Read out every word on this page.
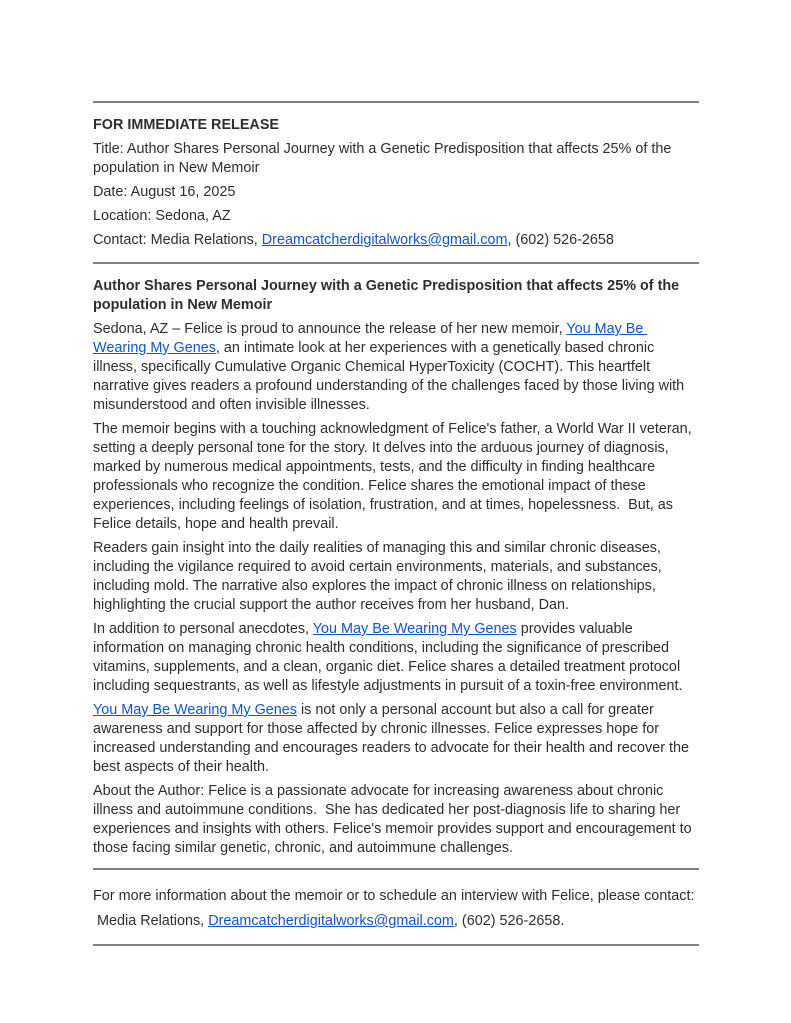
FOR IMMEDIATE RELEASE

Title: Author Shares Personal Journey with a Genetic Predisposition that affects 25% of the population in New Memoir

Date: August 16, 2025

Location: Sedona, AZ

Contact: Media Relations, Dreamcatcherdigitalworks@gmail.com, (602) 526-2658

Author Shares Personal Journey with a Genetic Predisposition that affects 25% of the population in New Memoir

Sedona, AZ – Felice is proud to announce the release of her new memoir, You May Be Wearing My Genes, an intimate look at her experiences with a genetically based chronic illness, specifically Cumulative Organic Chemical HyperToxicity (COCHT). This heartfelt narrative gives readers a profound understanding of the challenges faced by those living with misunderstood and often invisible illnesses.

The memoir begins with a touching acknowledgment of Felice's father, a World War II veteran, setting a deeply personal tone for the story. It delves into the arduous journey of diagnosis, marked by numerous medical appointments, tests, and the difficulty in finding healthcare professionals who recognize the condition. Felice shares the emotional impact of these experiences, including feelings of isolation, frustration, and at times, hopelessness.  But, as Felice details, hope and health prevail.

Readers gain insight into the daily realities of managing this and similar chronic diseases, including the vigilance required to avoid certain environments, materials, and substances, including mold. The narrative also explores the impact of chronic illness on relationships, highlighting the crucial support the author receives from her husband, Dan.

In addition to personal anecdotes, You May Be Wearing My Genes provides valuable information on managing chronic health conditions, including the significance of prescribed vitamins, supplements, and a clean, organic diet. Felice shares a detailed treatment protocol including sequestrants, as well as lifestyle adjustments in pursuit of a toxin-free environment.

You May Be Wearing My Genes is not only a personal account but also a call for greater awareness and support for those affected by chronic illnesses. Felice expresses hope for increased understanding and encourages readers to advocate for their health and recover the best aspects of their health.

About the Author: Felice is a passionate advocate for increasing awareness about chronic illness and autoimmune conditions.  She has dedicated her post-diagnosis life to sharing her experiences and insights with others. Felice's memoir provides support and encouragement to those facing similar genetic, chronic, and autoimmune challenges.

For more information about the memoir or to schedule an interview with Felice, please contact:

Media Relations, Dreamcatcherdigitalworks@gmail.com, (602) 526-2658.
